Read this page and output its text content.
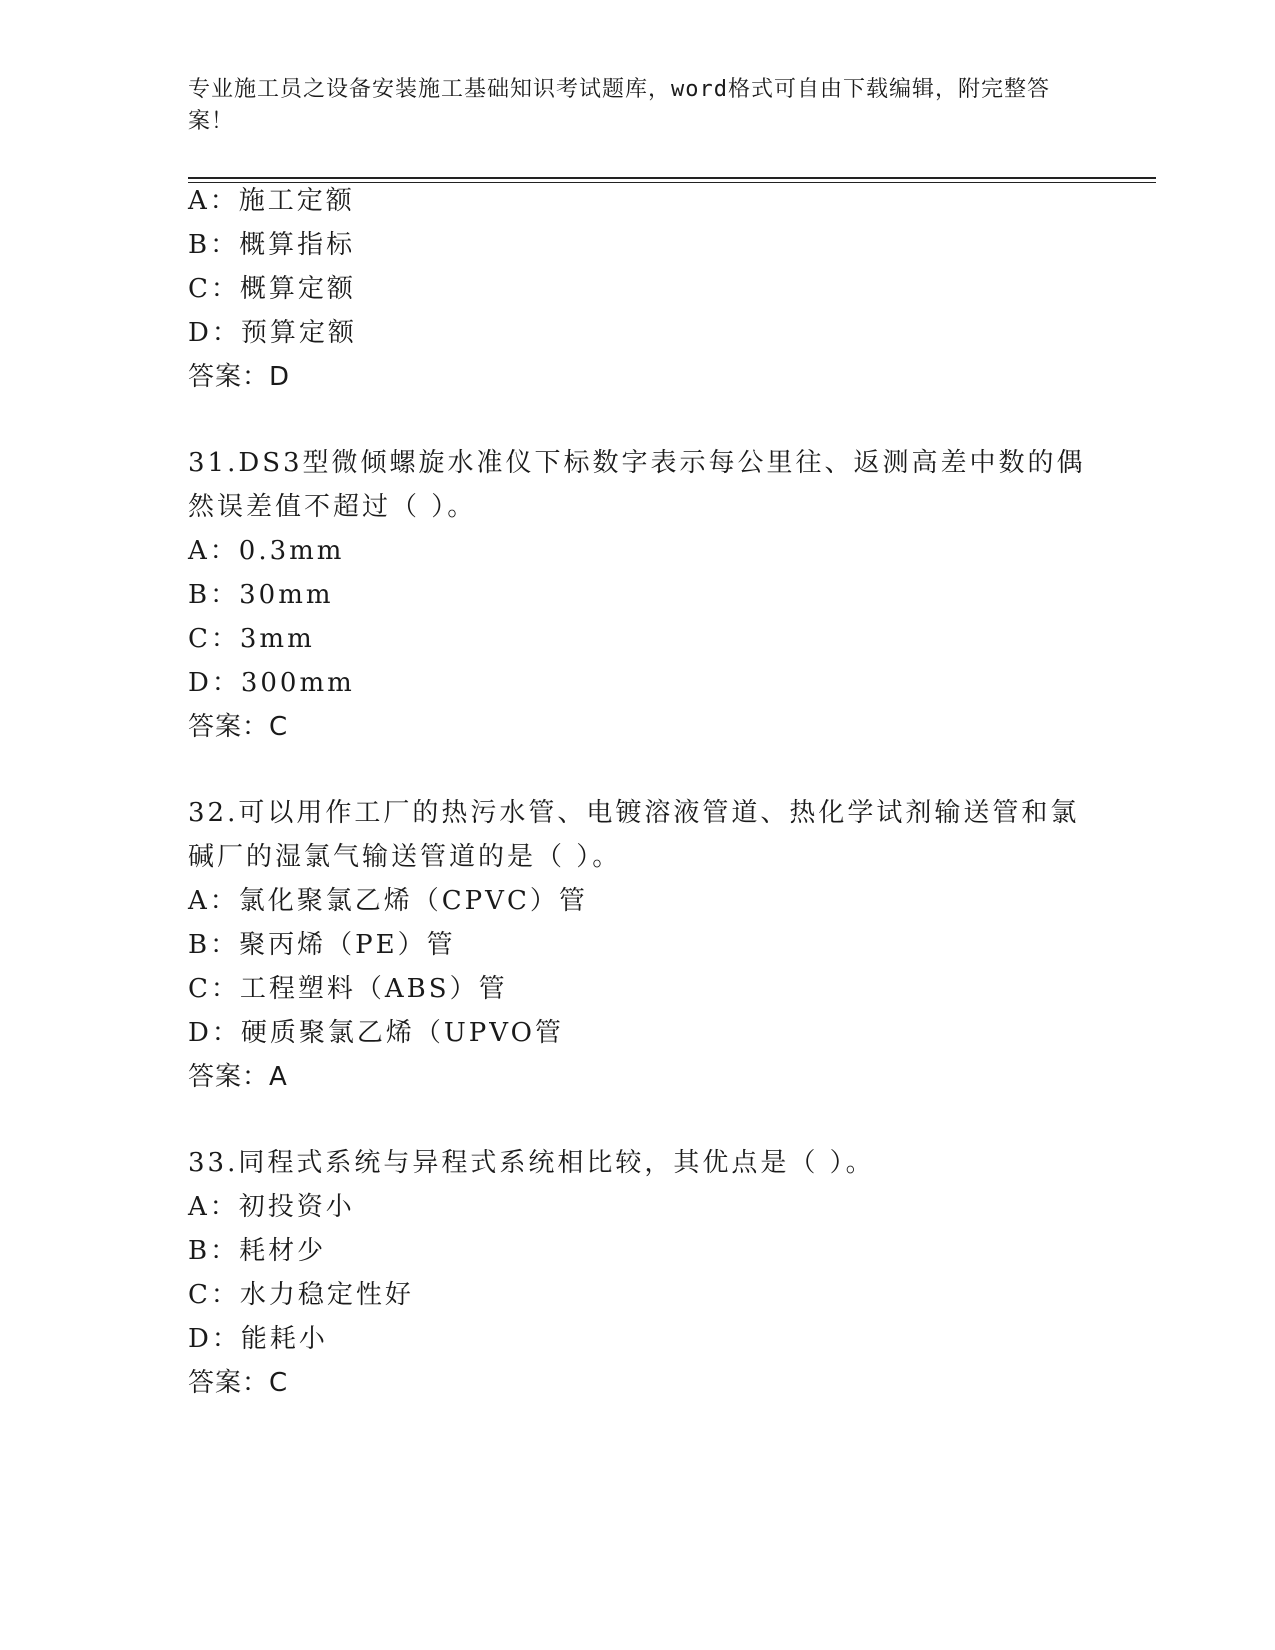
专业施工员之设备安装施工基础知识考试题库，word格式可自由下载编辑，附完整答案！
A：施工定额
B：概算指标
C：概算定额
D：预算定额
答案：D
31.DS3型微倾螺旋水准仪下标数字表示每公里往、返测高差中数的偶
然误差值不超过（ ）。
A：0.3mm
B：30mm
C：3mm
D：300mm
答案：C
32.可以用作工厂的热污水管、电镀溶液管道、热化学试剂输送管和氯
碱厂的湿氯气输送管道的是（ ）。
A：氯化聚氯乙烯（CPVC）管
B：聚丙烯（PE）管
C：工程塑料（ABS）管
D：硬质聚氯乙烯（UPVO管
答案：A
33.同程式系统与异程式系统相比较，其优点是（ ）。
A：初投资小
B：耗材少
C：水力稳定性好
D：能耗小
答案：C
